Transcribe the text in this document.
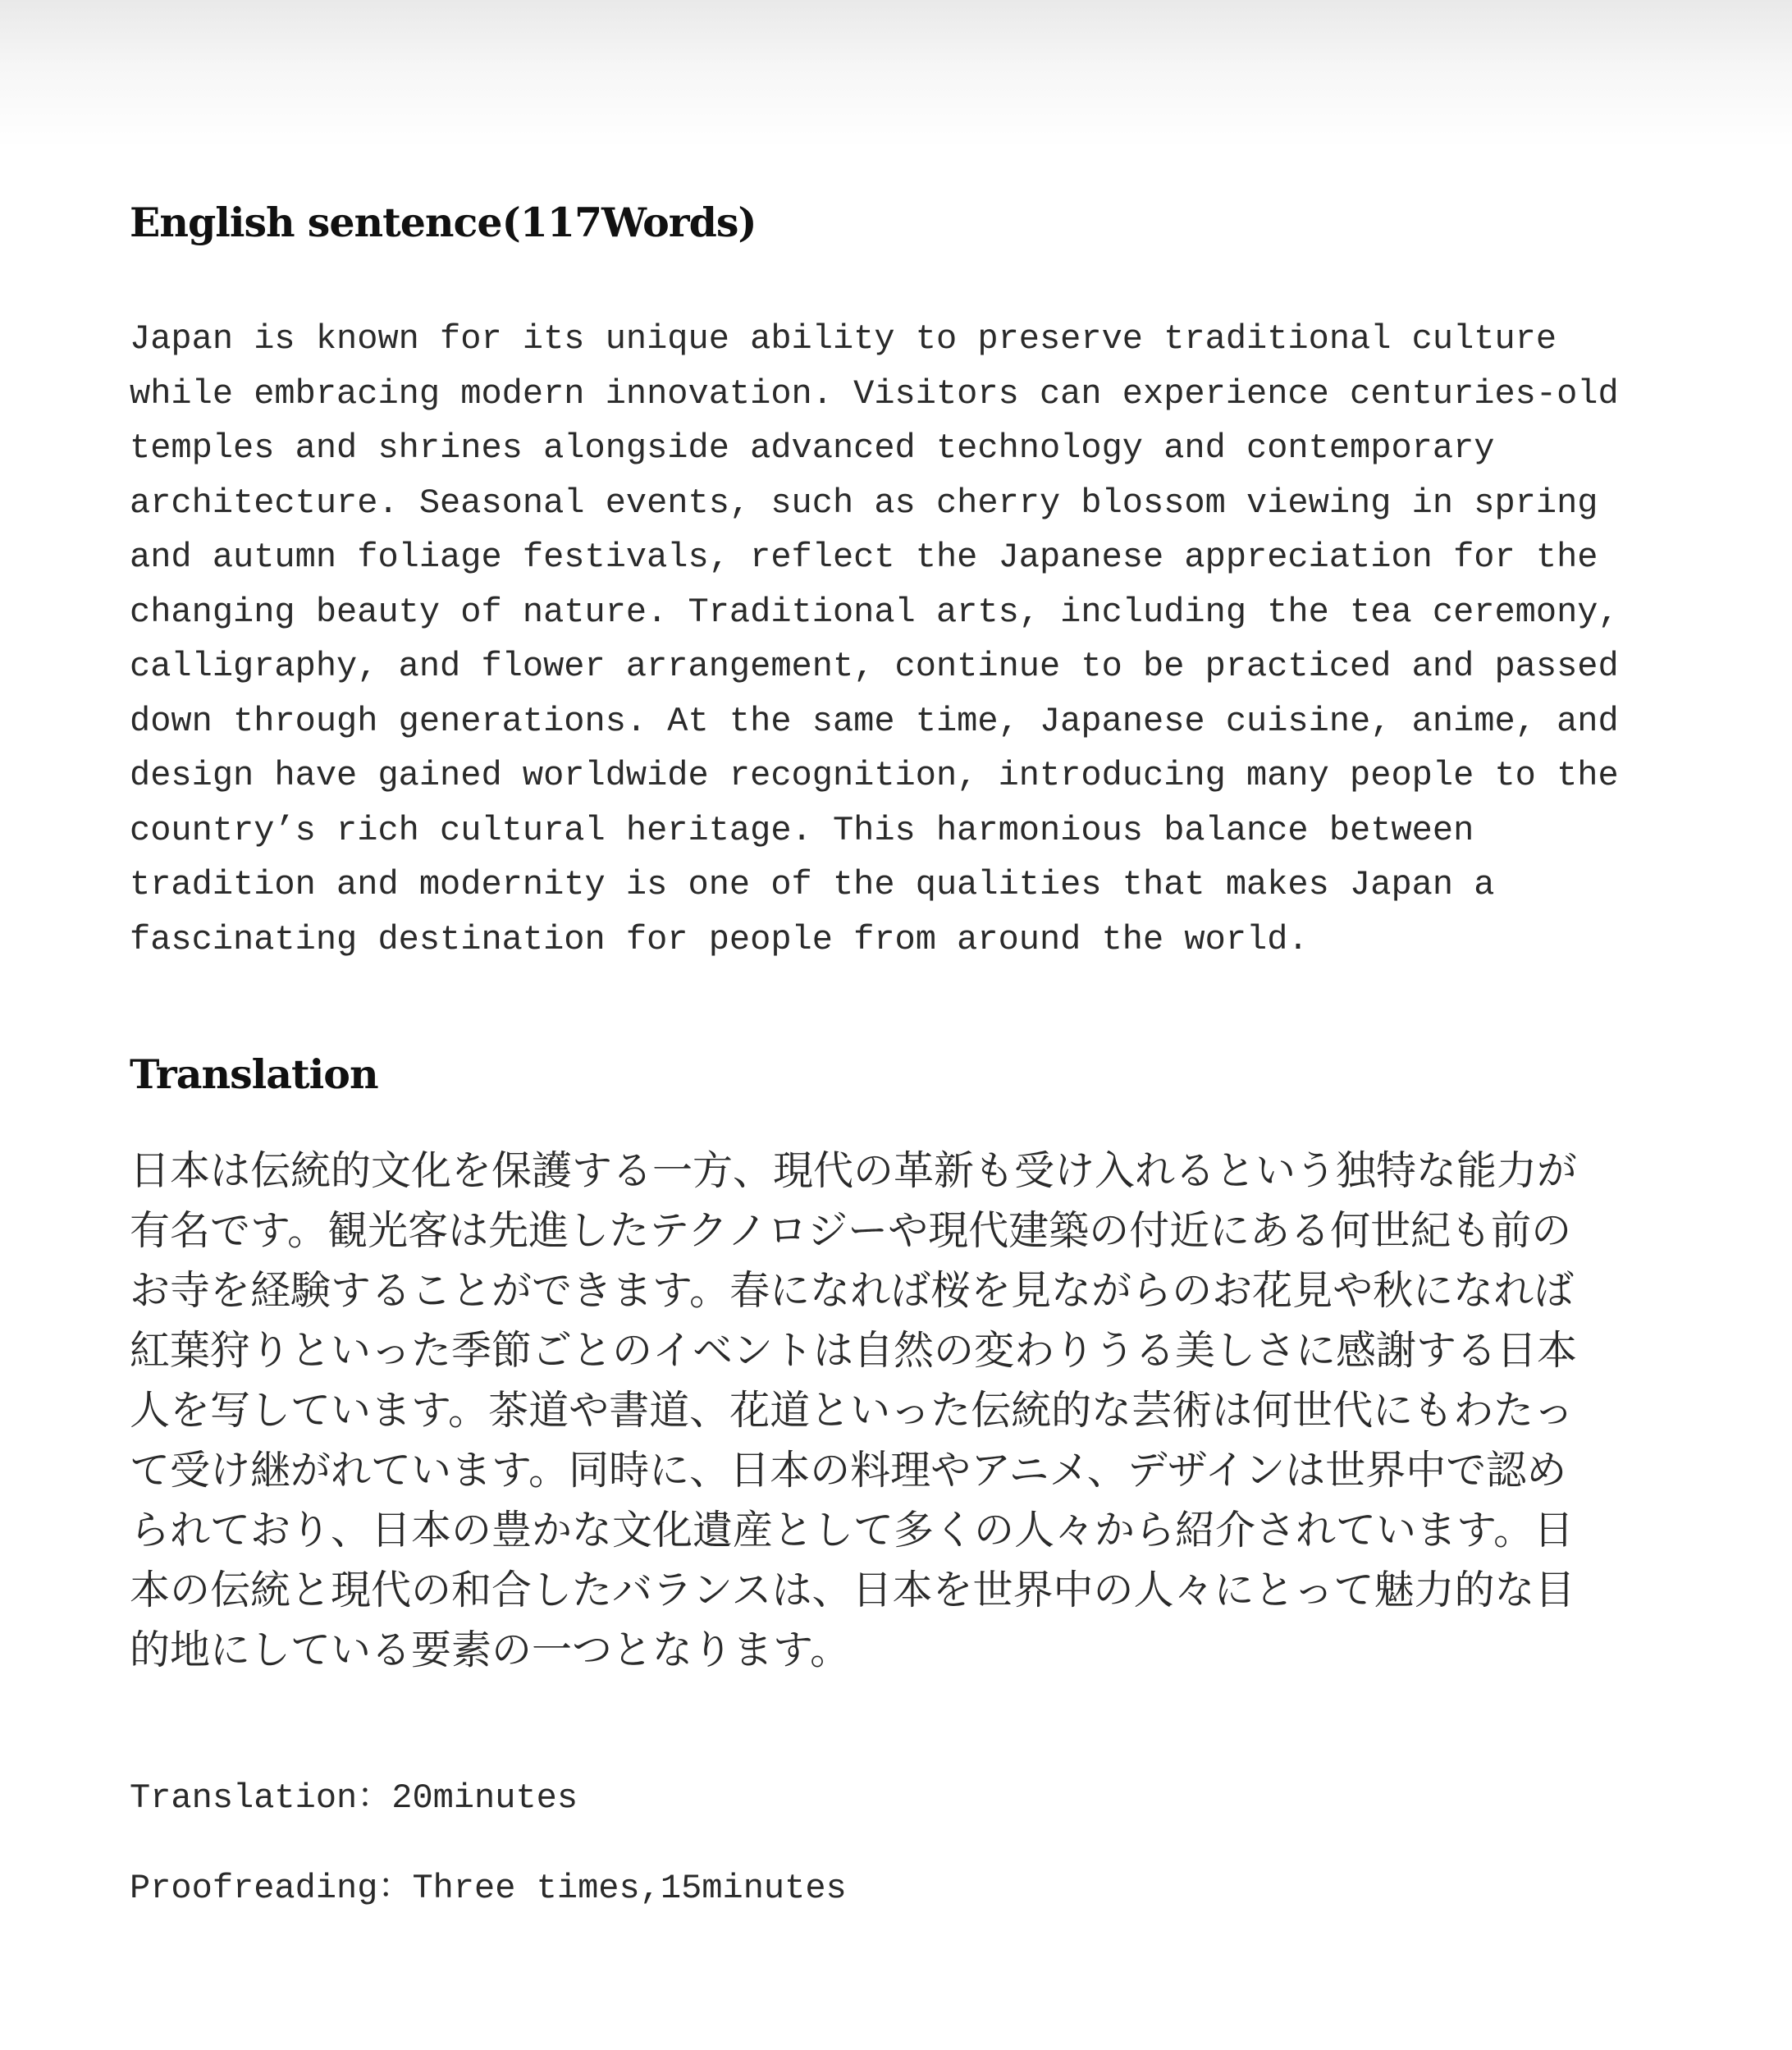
English sentence(117Words)
Japan is known for its unique ability to preserve traditional culture
while embracing modern innovation. Visitors can experience centuries-old
temples and shrines alongside advanced technology and contemporary
architecture. Seasonal events, such as cherry blossom viewing in spring
and autumn foliage festivals, reflect the Japanese appreciation for the
changing beauty of nature. Traditional arts, including the tea ceremony,
calligraphy, and flower arrangement, continue to be practiced and passed
down through generations. At the same time, Japanese cuisine, anime, and
design have gained worldwide recognition, introducing many people to the
country’s rich cultural heritage. This harmonious balance between
tradition and modernity is one of the qualities that makes Japan a
fascinating destination for people from around the world.
Translation
日本は伝統的文化を保護する一方、現代の革新も受け入れるという独特な能力が
有名です。観光客は先進したテクノロジーや現代建築の付近にある何世紀も前の
お寺を経験することができます。春になれば桜を見ながらのお花見や秋になれば
紅葉狩りといった季節ごとのイベントは自然の変わりうる美しさに感謝する日本
人を写しています。茶道や書道、花道といった伝統的な芸術は何世代にもわたっ
て受け継がれています。同時に、日本の料理やアニメ、デザインは世界中で認め
られており、日本の豊かな文化遺産として多くの人々から紹介されています。日
本の伝統と現代の和合したバランスは、日本を世界中の人々にとって魅力的な目
的地にしている要素の一つとなります。
Translation：20minutes
Proofreading：Three times,15minutes
